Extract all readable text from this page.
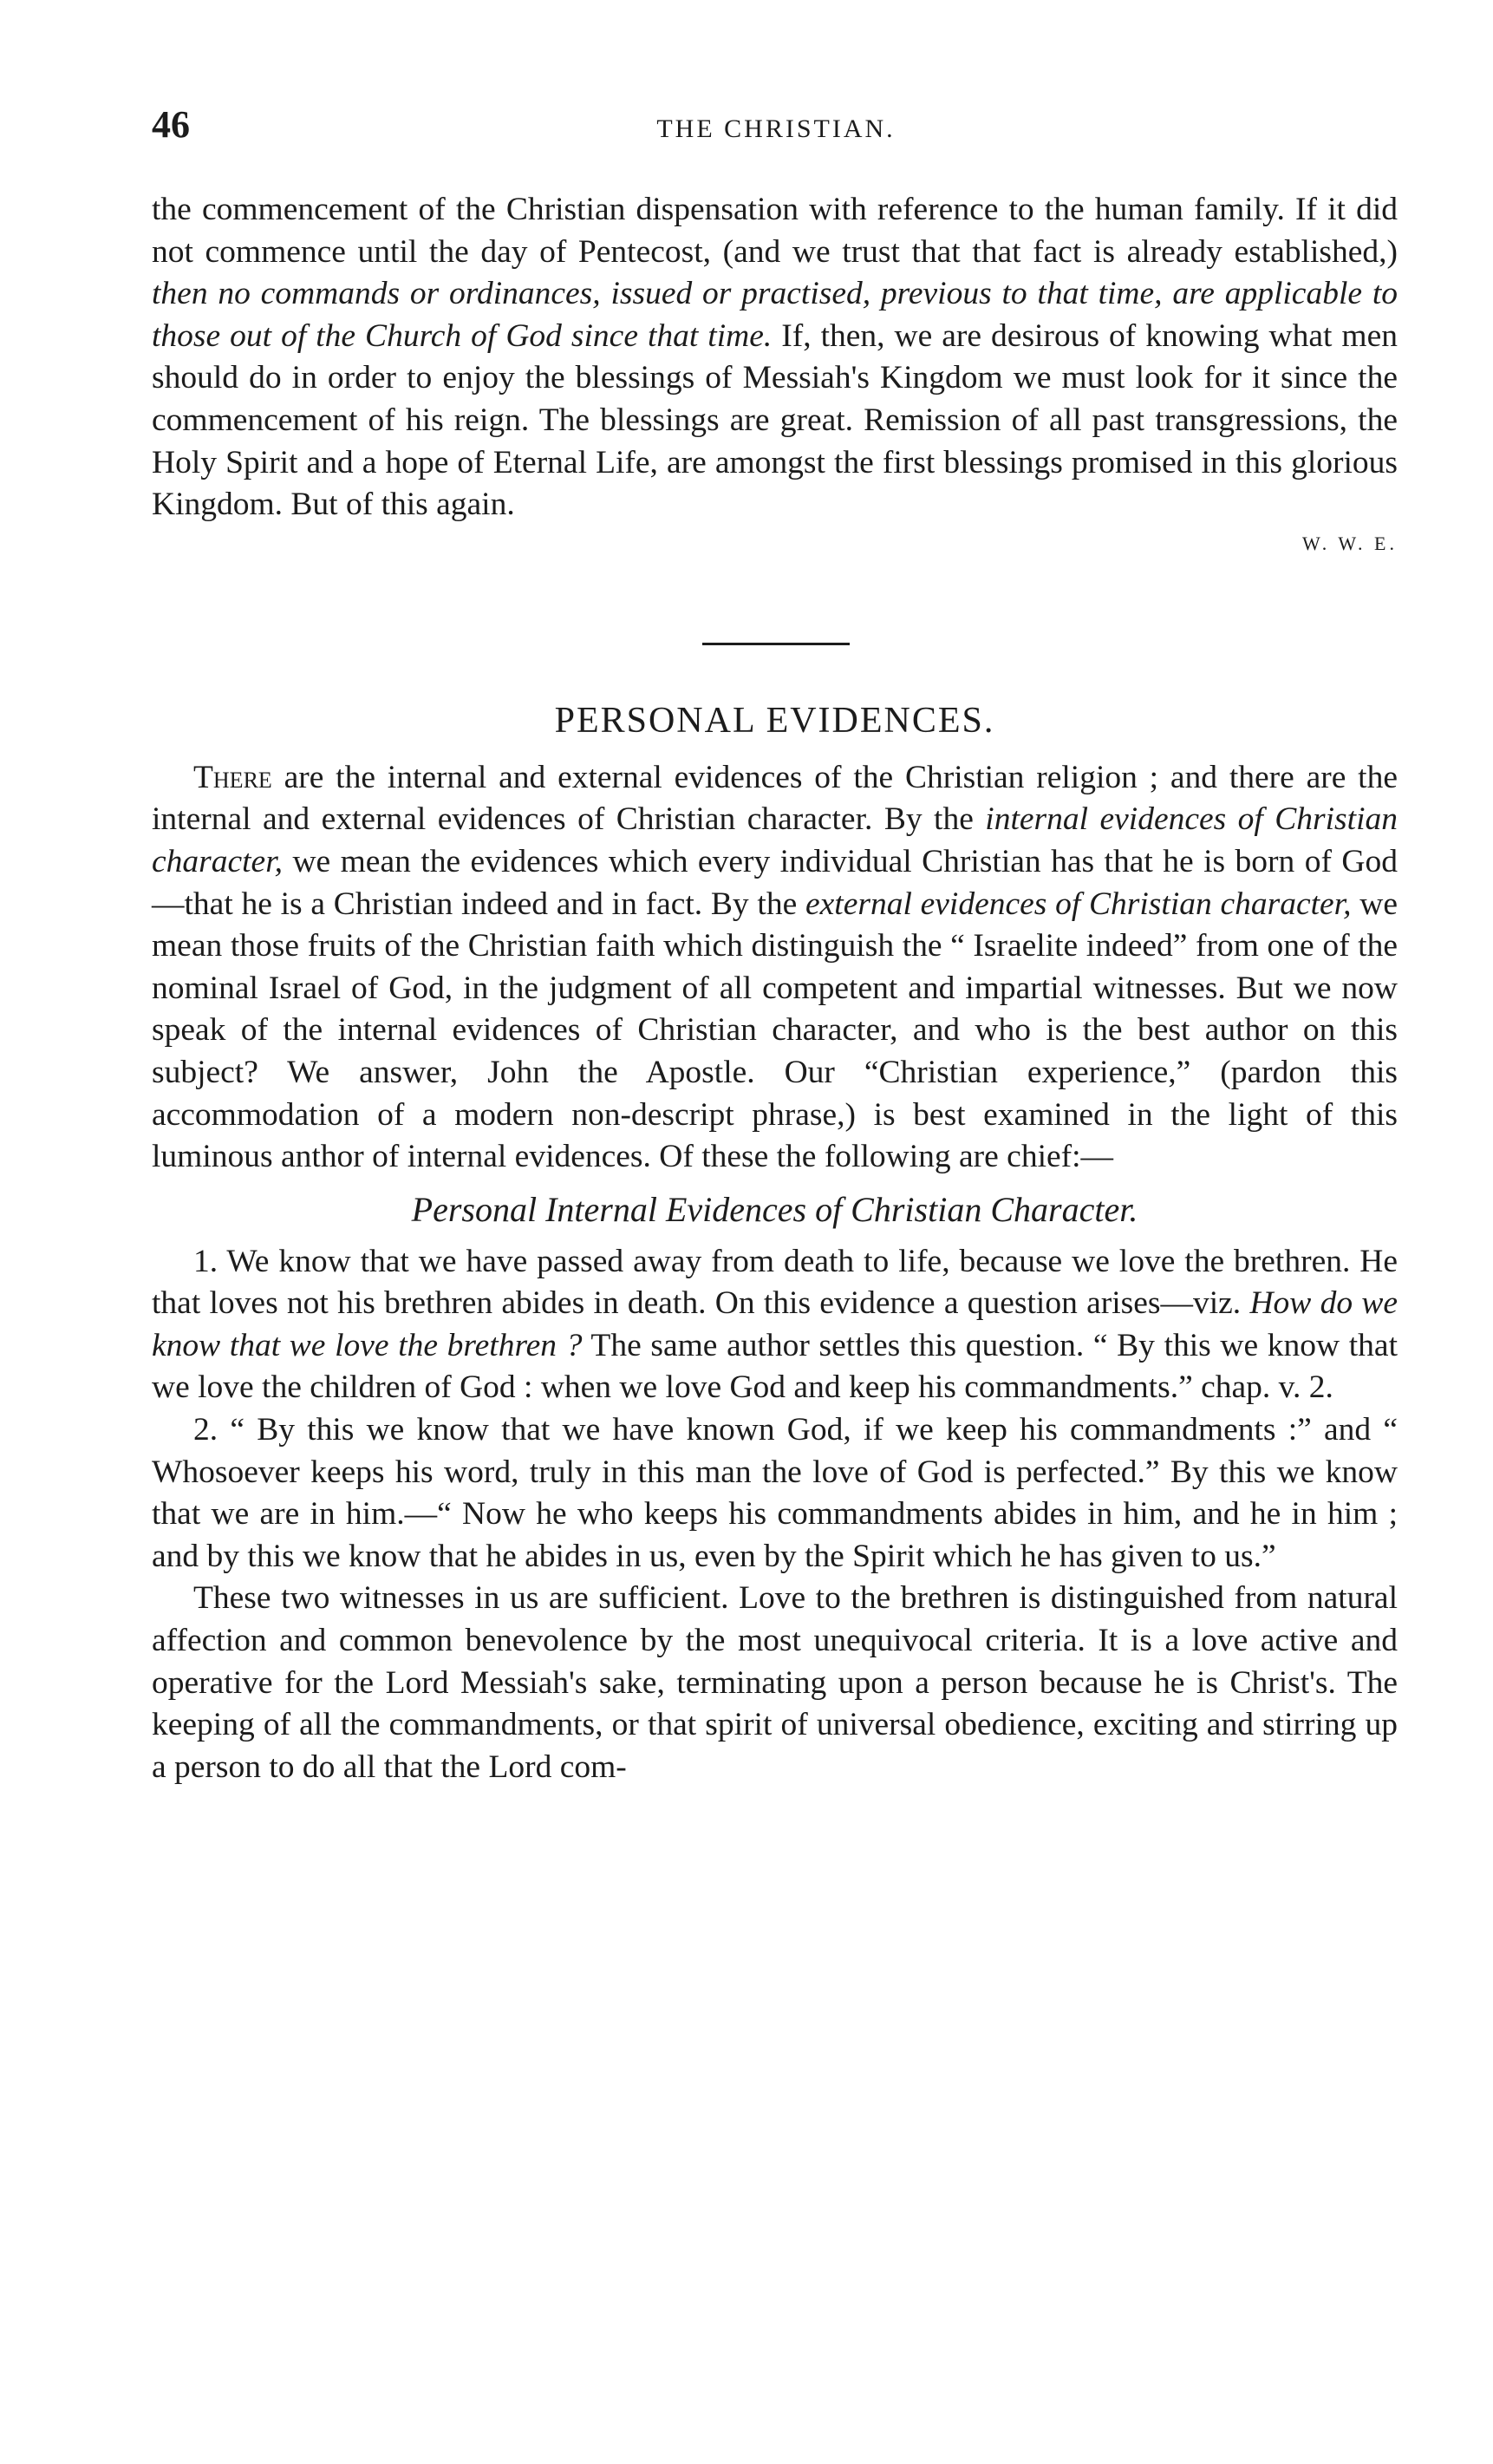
46	THE CHRISTIAN.

the commencement of the Christian dispensation with reference to the human family. If it did not commence until the day of Pentecost, (and we trust that that fact is already established,) then no commands or ordinances, issued or practised, previous to that time, are applicable to those out of the Church of God since that time. If, then, we are desirous of knowing what men should do in order to enjoy the blessings of Messiah's Kingdom we must look for it since the commencement of his reign. The blessings are great. Remission of all past transgressions, the Holy Spirit and a hope of Eternal Life, are amongst the first blessings promised in this glorious Kingdom. But of this again.

W. W. E.

PERSONAL EVIDENCES.

There are the internal and external evidences of the Christian religion ; and there are the internal and external evidences of Christian character. By the internal evidences of Christian character, we mean the evidences which every individual Christian has that he is born of God—that he is a Christian indeed and in fact. By the external evidences of Christian character, we mean those fruits of the Christian faith which distinguish the “ Israelite indeed” from one of the nominal Israel of God, in the judgment of all competent and impartial witnesses. But we now speak of the internal evidences of Christian character, and who is the best author on this subject? We answer, John the Apostle. Our “Christian experience,” (pardon this accommodation of a modern non-descript phrase,) is best examined in the light of this luminous anthor of internal evidences. Of these the following are chief:—

Personal Internal Evidences of Christian Character.

1. We know that we have passed away from death to life, because we love the brethren. He that loves not his brethren abides in death. On this evidence a question arises—viz. How do we know that we love the brethren ? The same author settles this question. “ By this we know that we love the children of God : when we love God and keep his commandments.” chap. v. 2.

2. “ By this we know that we have known God, if we keep his commandments :” and “ Whosoever keeps his word, truly in this man the love of God is perfected.” By this we know that we are in him.—“ Now he who keeps his commandments abides in him, and he in him ; and by this we know that he abides in us, even by the Spirit which he has given to us.”

These two witnesses in us are sufficient. Love to the brethren is distinguished from natural affection and common benevolence by the most unequivocal criteria. It is a love active and operative for the Lord Messiah's sake, terminating upon a person because he is Christ's. The keeping of all the commandments, or that spirit of universal obedience, exciting and stirring up a person to do all that the Lord com-
